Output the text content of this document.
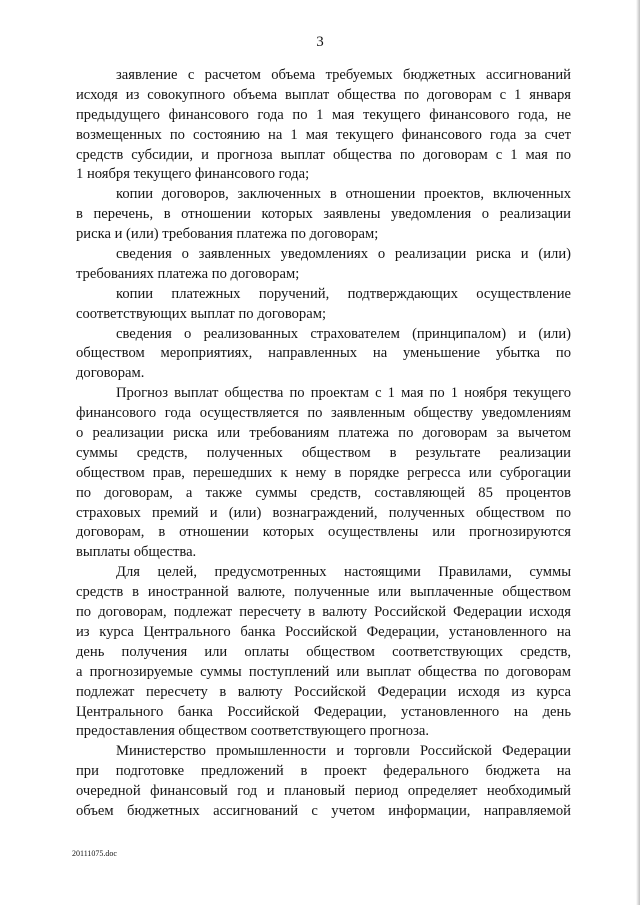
3
заявление с расчетом объема требуемых бюджетных ассигнований
исходя из совокупного объема выплат общества по договорам с 1 января
предыдущего финансового года по 1 мая текущего финансового года, не
возмещенных по состоянию на 1 мая текущего финансового года за счет
средств субсидии, и прогноза выплат общества по договорам с 1 мая по
1 ноября текущего финансового года;
копии договоров, заключенных в отношении проектов, включенных
в перечень, в отношении которых заявлены уведомления о реализации
риска и (или) требования платежа по договорам;
сведения о заявленных уведомлениях о реализации риска и (или)
требованиях платежа по договорам;
копии платежных поручений, подтверждающих осуществление
соответствующих выплат по договорам;
сведения о реализованных страхователем (принципалом) и (или)
обществом мероприятиях, направленных на уменьшение убытка по
договорам.
Прогноз выплат общества по проектам с 1 мая по 1 ноября текущего
финансового года осуществляется по заявленным обществу уведомлениям
о реализации риска или требованиям платежа по договорам за вычетом
суммы средств, полученных обществом в результате реализации
обществом прав, перешедших к нему в порядке регресса или суброгации
по договорам, а также суммы средств, составляющей 85 процентов
страховых премий и (или) вознаграждений, полученных обществом по
договорам, в отношении которых осуществлены или прогнозируются
выплаты общества.
Для целей, предусмотренных настоящими Правилами, суммы
средств в иностранной валюте, полученные или выплаченные обществом
по договорам, подлежат пересчету в валюту Российской Федерации исходя
из курса Центрального банка Российской Федерации, установленного на
день получения или оплаты обществом соответствующих средств,
а прогнозируемые суммы поступлений или выплат общества по договорам
подлежат пересчету в валюту Российской Федерации исходя из курса
Центрального банка Российской Федерации, установленного на день
предоставления обществом соответствующего прогноза.
Министерство промышленности и торговли Российской Федерации
при подготовке предложений в проект федерального бюджета на
очередной финансовый год и плановый период определяет необходимый
объем бюджетных ассигнований с учетом информации, направляемой
20111075.doc
